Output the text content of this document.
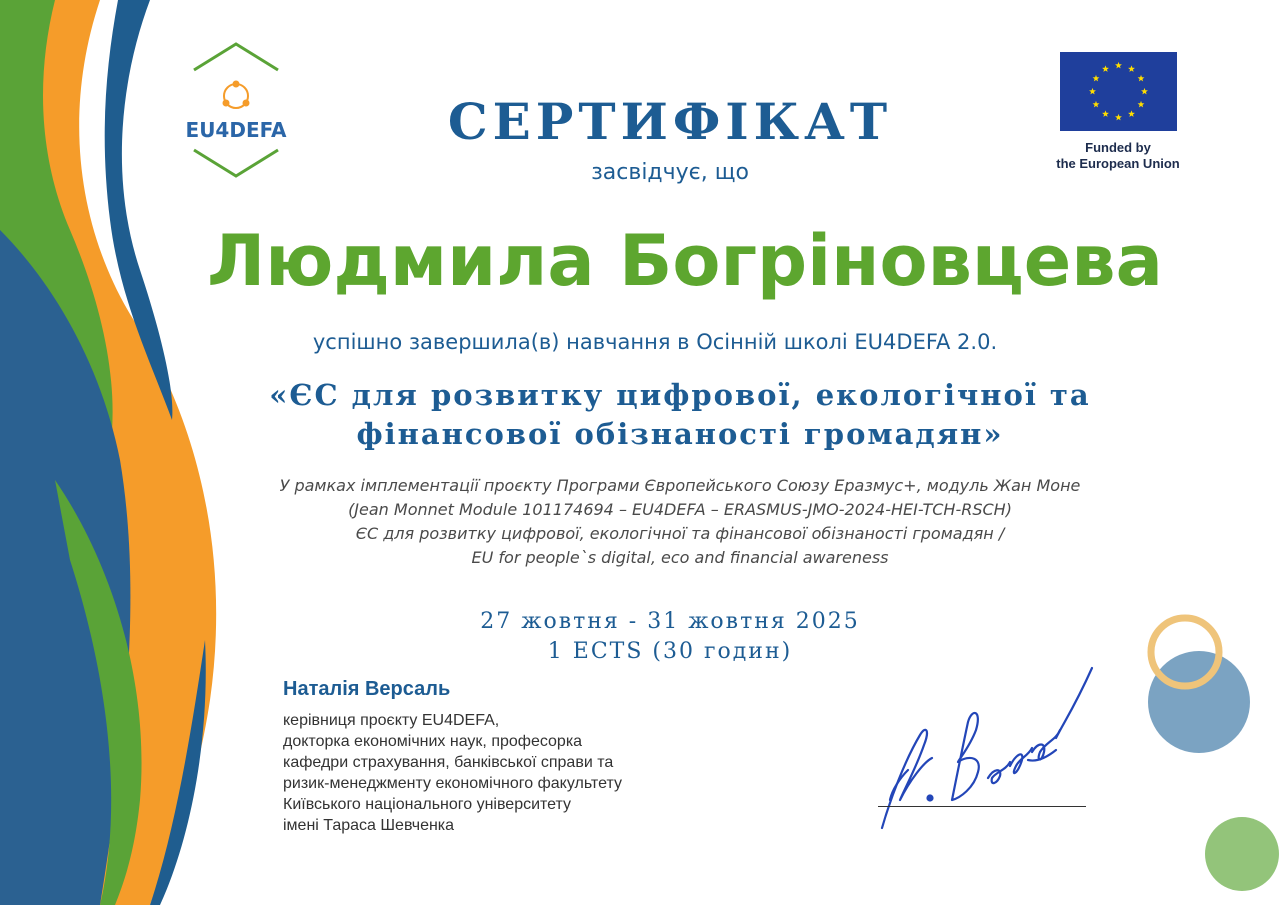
EU4DEFA
Funded by
the European Union
СЕРТИФІКАТ
засвідчує, що
Людмила Богріновцева
успішно завершила(в) навчання в Осінній школі EU4DEFA 2.0.
«ЄС для розвитку цифрової, екологічної та
фінансової обізнаності громадян»
У рамках імплементації проєкту Програми Європейського Союзу Еразмус+, модуль Жан Моне
(Jean Monnet Module 101174694 – EU4DEFA – ERASMUS-JMO-2024-HEI-TCH-RSCH)
ЄС для розвитку цифрової, екологічної та фінансової обізнаності громадян /
EU for people`s digital, eco and financial awareness
27 жовтня - 31 жовтня 2025
1 ECTS (30 годин)
Наталія Версаль
керівниця проєкту EU4DEFA,
докторка економічних наук, професорка
кафедри страхування, банківської справи та
ризик-менеджменту економічного факультету
Київського національного університету
імені Тараса Шевченка
